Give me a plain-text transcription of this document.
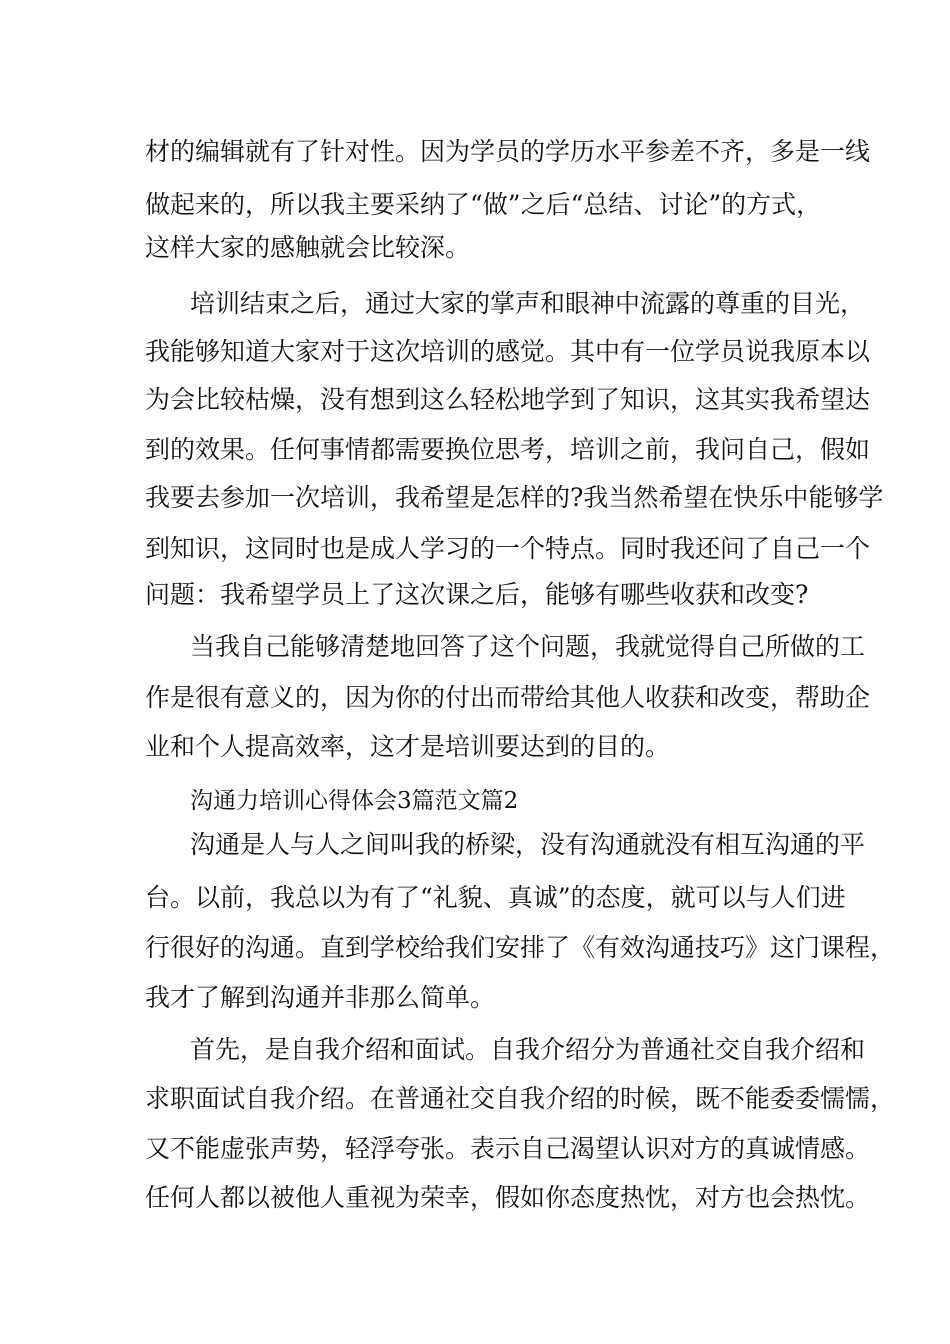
材的编辑就有了针对性。因为学员的学历水平参差不齐，多是一线

做起来的，所以我主要采纳了“做”之后“总结、讨论”的方式，

这样大家的感触就会比较深。

培训结束之后，通过大家的掌声和眼神中流露的尊重的目光，

我能够知道大家对于这次培训的感觉。其中有一位学员说我原本以

为会比较枯燥，没有想到这么轻松地学到了知识，这其实我希望达

到的效果。任何事情都需要换位思考，培训之前，我问自己，假如

我要去参加一次培训，我希望是怎样的?我当然希望在快乐中能够学

到知识，这同时也是成人学习的一个特点。同时我还问了自己一个

问题：我希望学员上了这次课之后，能够有哪些收获和改变?

当我自己能够清楚地回答了这个问题，我就觉得自己所做的工

作是很有意义的，因为你的付出而带给其他人收获和改变，帮助企

业和个人提高效率，这才是培训要达到的目的。

沟通力培训心得体会3篇范文篇2

沟通是人与人之间叫我的桥梁，没有沟通就没有相互沟通的平

台。以前，我总以为有了“礼貌、真诚”的态度，就可以与人们进

行很好的沟通。直到学校给我们安排了《有效沟通技巧》这门课程，

我才了解到沟通并非那么简单。

首先，是自我介绍和面试。自我介绍分为普通社交自我介绍和

求职面试自我介绍。在普通社交自我介绍的时候，既不能委委懦懦，

又不能虚张声势，轻浮夸张。表示自己渴望认识对方的真诚情感。

任何人都以被他人重视为荣幸，假如你态度热忱，对方也会热忱。
